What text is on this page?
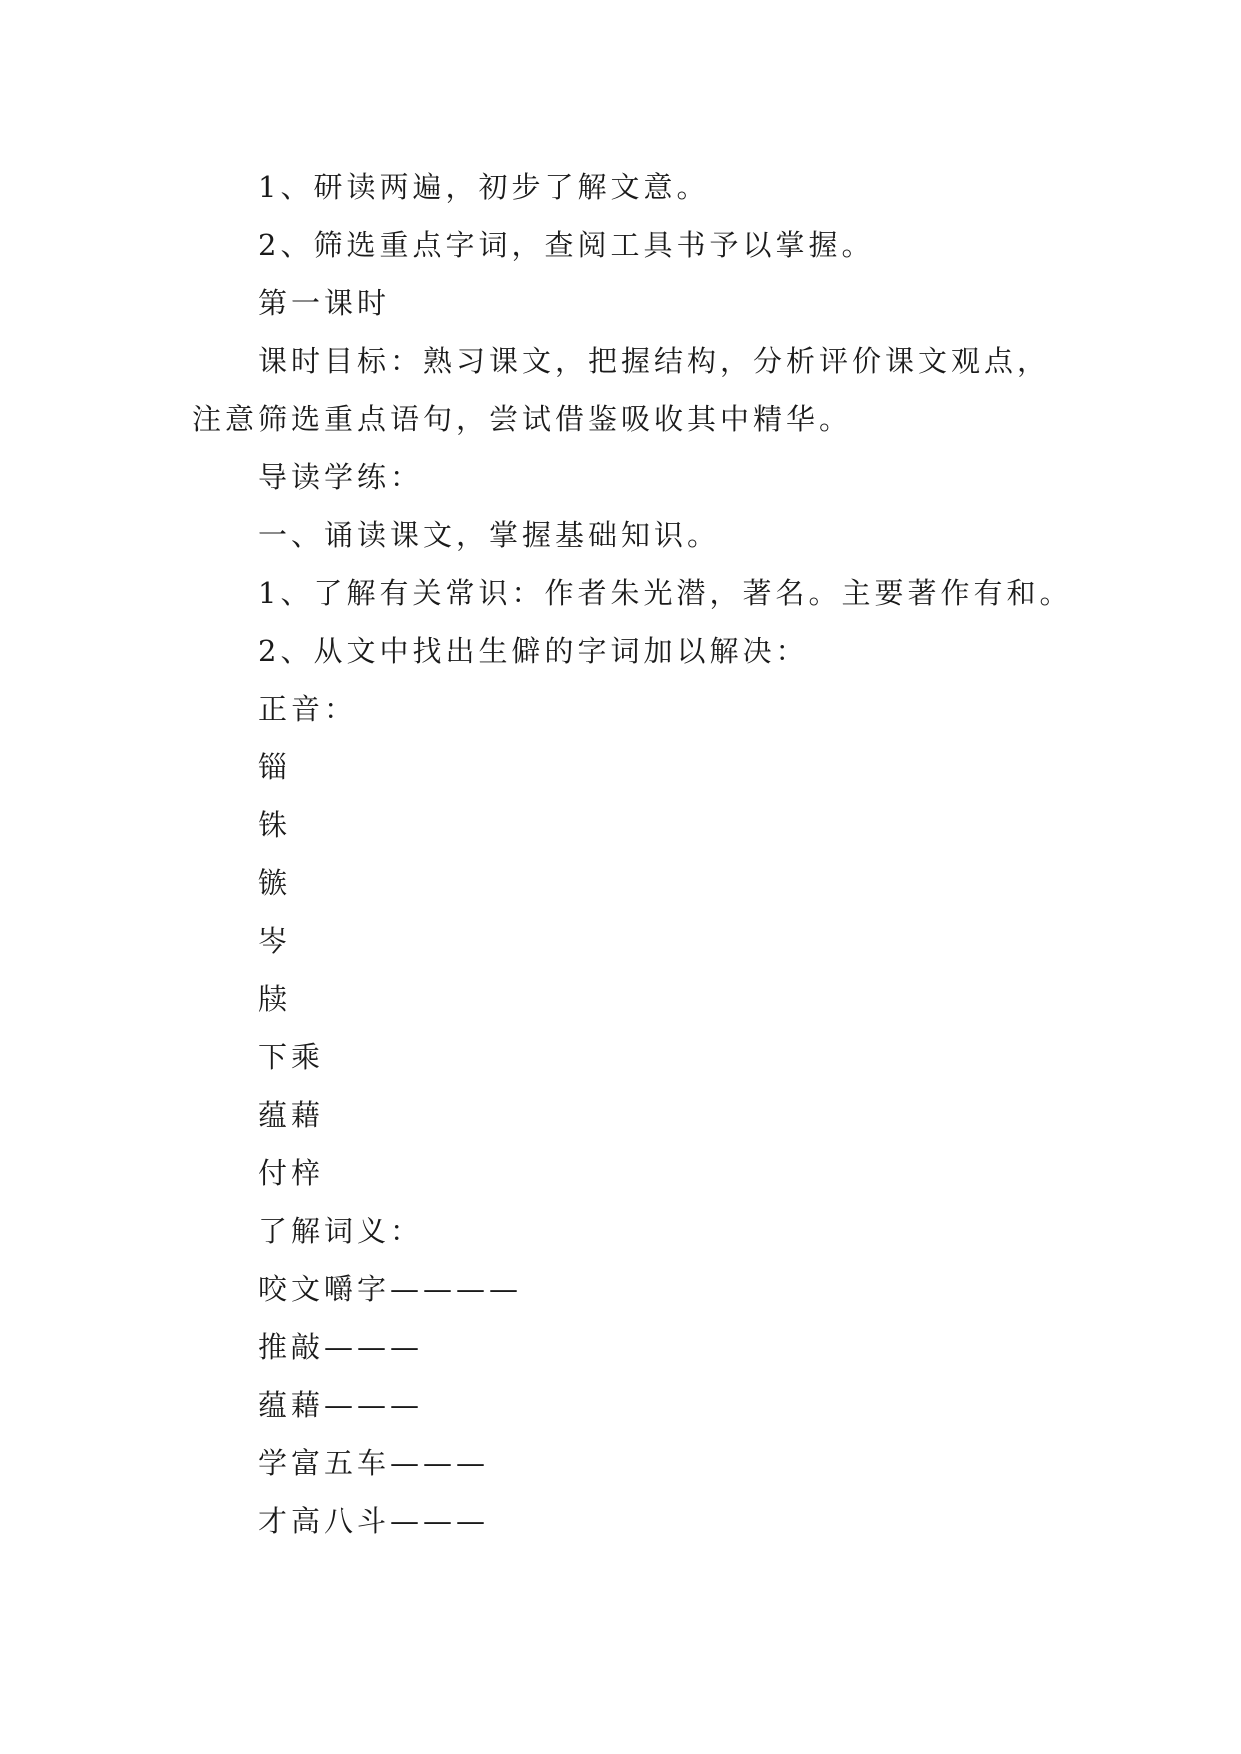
1、研读两遍，初步了解文意。
2、筛选重点字词，查阅工具书予以掌握。
第一课时
课时目标：熟习课文，把握结构，分析评价课文观点，
注意筛选重点语句，尝试借鉴吸收其中精华。
导读学练：
一、诵读课文，掌握基础知识。
1、了解有关常识：作者朱光潜，著名。主要著作有和。
2、从文中找出生僻的字词加以解决：
正音：
锱
铢
镞
岑
牍
下乘
蕴藉
付梓
了解词义：
咬文嚼字————
推敲———
蕴藉———
学富五车———
才高八斗———
